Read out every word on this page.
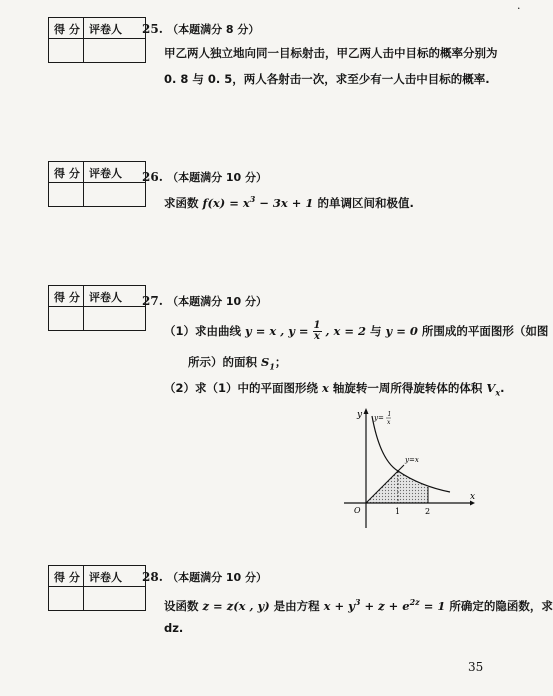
·
得 分 评卷人 25. （本题满分 8 分）
甲乙两人独立地向同一目标射击，甲乙两人击中目标的概率分别为
0. 8 与 0. 5，两人各射击一次，求至少有一人击中目标的概率.
得 分 评卷人 26. （本题满分 10 分）
求函数 $f(x) = x^3 - 3x + 1$ 的单调区间和极值.
得 分 评卷人 27. （本题满分 10 分）
（1）求由曲线 y = x , $y = \frac{1}{x}$ , x = 2 与 y = 0 所围成的平面图形（如图
所示）的面积 $S_1$；
（2）求（1）中的平面图形绕 x 轴旋转一周所得旋转体的体积 $V_x$.
y
x
O	1	2
y= 1
x
y=x
得 分 评卷人 28. （本题满分 10 分）
设函数 z = z(x , y) 是由方程 $x + y^3 + z + e^{2z} = 1$ 所确定的隐函数，求
dz.
35
